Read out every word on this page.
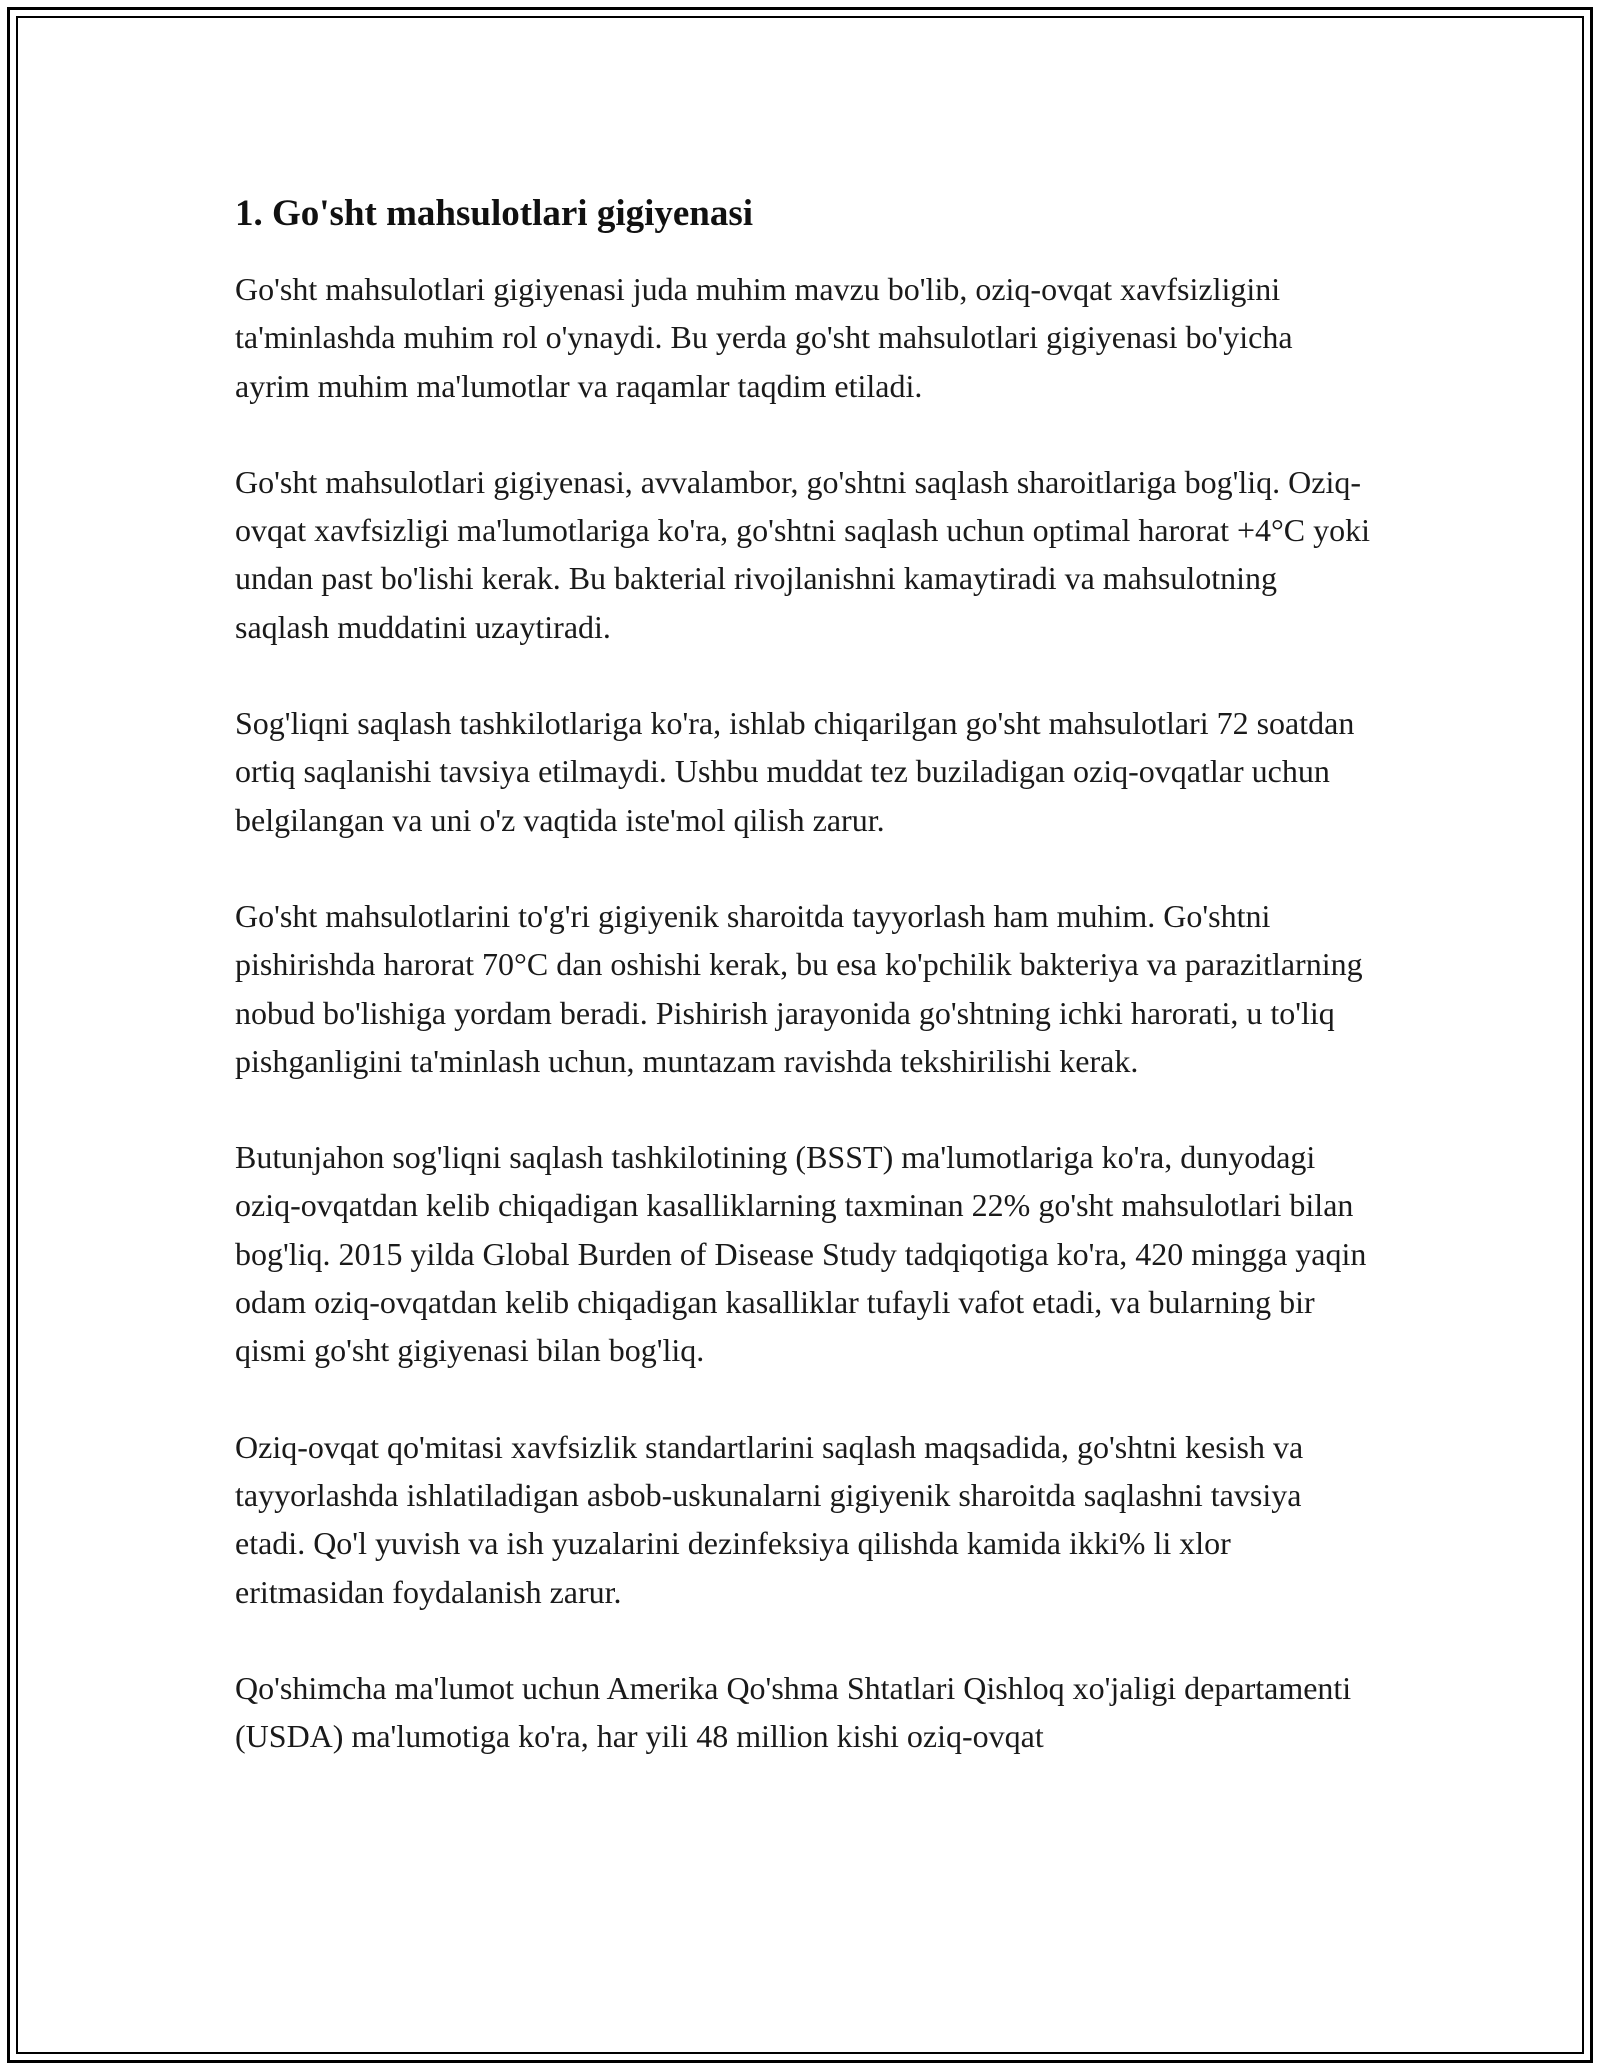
1. Go'sht mahsulotlari gigiyenasi

Go'sht mahsulotlari gigiyenasi juda muhim mavzu bo'lib, oziq-ovqat xavfsizligini ta'minlashda muhim rol o'ynaydi. Bu yerda go'sht mahsulotlari gigiyenasi bo'yicha ayrim muhim ma'lumotlar va raqamlar taqdim etiladi.

Go'sht mahsulotlari gigiyenasi, avvalambor, go'shtni saqlash sharoitlariga bog'liq. Oziq-ovqat xavfsizligi ma'lumotlariga ko'ra, go'shtni saqlash uchun optimal harorat +4°C yoki undan past bo'lishi kerak. Bu bakterial rivojlanishni kamaytiradi va mahsulotning saqlash muddatini uzaytiradi.

Sog'liqni saqlash tashkilotlariga ko'ra, ishlab chiqarilgan go'sht mahsulotlari 72 soatdan ortiq saqlanishi tavsiya etilmaydi. Ushbu muddat tez buziladigan oziq-ovqatlar uchun belgilangan va uni o'z vaqtida iste'mol qilish zarur.

Go'sht mahsulotlarini to'g'ri gigiyenik sharoitda tayyorlash ham muhim. Go'shtni pishirishda harorat 70°C dan oshishi kerak, bu esa ko'pchilik bakteriya va parazitlarning nobud bo'lishiga yordam beradi. Pishirish jarayonida go'shtning ichki harorati, u to'liq pishganligini ta'minlash uchun, muntazam ravishda tekshirilishi kerak.

Butunjahon sog'liqni saqlash tashkilotining (BSST) ma'lumotlariga ko'ra, dunyodagi oziq-ovqatdan kelib chiqadigan kasalliklarning taxminan 22% go'sht mahsulotlari bilan bog'liq. 2015 yilda Global Burden of Disease Study tadqiqotiga ko'ra, 420 mingga yaqin odam oziq-ovqatdan kelib chiqadigan kasalliklar tufayli vafot etadi, va bularning bir qismi go'sht gigiyenasi bilan bog'liq.

Oziq-ovqat qo'mitasi xavfsizlik standartlarini saqlash maqsadida, go'shtni kesish va tayyorlashda ishlatiladigan asbob-uskunalarni gigiyenik sharoitda saqlashni tavsiya etadi. Qo'l yuvish va ish yuzalarini dezinfeksiya qilishda kamida ikki% li xlor eritmasidan foydalanish zarur.

Qo'shimcha ma'lumot uchun Amerika Qo'shma Shtatlari Qishloq xo'jaligi departamenti (USDA) ma'lumotiga ko'ra, har yili 48 million kishi oziq-ovqat
